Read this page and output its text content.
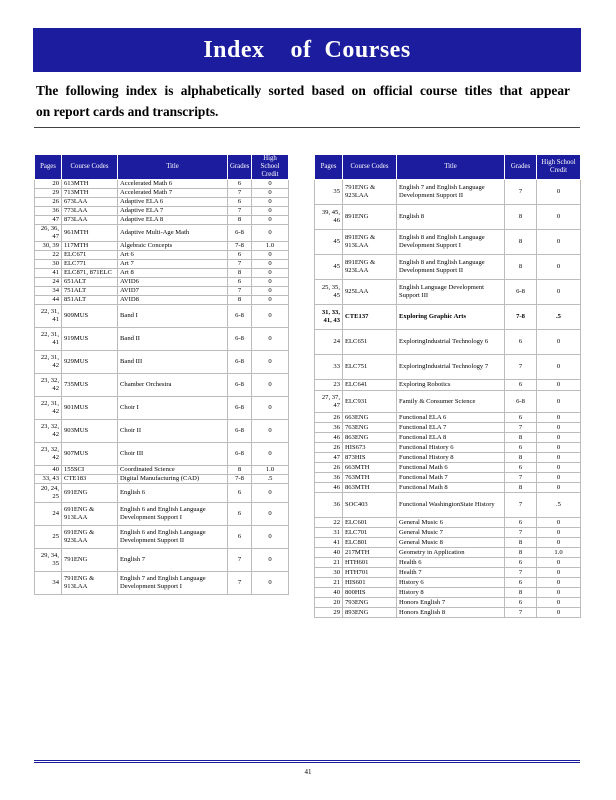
Index    of  Courses
The following index is alphabetically sorted based on official course titles that appear
on report cards and transcripts.
Pages	Course Codes	Title	Grades	High School Credit
20	613MTH	Accelerated Math 6	6	0
29	713MTH	Accelerated Math 7	7	0
26	673LAA	Adaptive ELA 6	6	0
36	773LAA	Adaptive ELA 7	7	0
47	873LAA	Adaptive ELA 8	8	0
26, 36, 47	961MTH	Adaptive Multi-Age Math	6-8	0
30, 39	117MTH	Algebraic Concepts	7-8	1.0
22	ELC671	Art 6	6	0
30	ELC771	Art 7	7	0
41	ELC871, 871ELC	Art 8	8	0
24	651ALT	AVID6	6	0
34	751ALT	AVID7	7	0
44	851ALT	AVID8	8	0
22, 31, 41	909MUS	Band I	6-8	0
22, 31, 41	919MUS	Band II	6-8	0
22, 31, 42	929MUS	Band III	6-8	0
23, 32, 42	735MUS	Chamber Orchestra	6-8	0
22, 31, 42	901MUS	Choir I	6-8	0
23, 32, 42	903MUS	Choir II	6-8	0
23, 32, 42	907MUS	Choir III	6-8	0
40	155SCI	Coordinated Science	8	1.0
33, 43	CTE183	Digital Manufacturing (CAD)	7-8	.5
20, 24, 25	691ENG	English 6	6	0
24	691ENG & 913LAA	English 6 and English Language Development Support I	6	0
25	691ENG & 923LAA	English 6 and English Language Development Support II	6	0
29, 34, 35	791ENG	English 7	7	0
34	791ENG & 913LAA	English 7 and English Language Development Support I	7	0
Pages	Course Codes	Title	Grades	High School Credit
35	791ENG & 923LAA	English 7 and English Language Development Support II	7	0
39, 45, 46	891ENG	English 8	8	0
45	891ENG & 913LAA	English 8 and English Language Development Support I	8	0
45	891ENG & 923LAA	English 8 and English Language Development Support II	8	0
25, 35, 45	925LAA	English Language Development Support III	6-8	0
31, 33, 41, 43	CTE137	Exploring Graphic Arts	7-8	.5
24	ELC651	ExploringIndustrial Technology 6	6	0
33	ELC751	ExploringIndustrial Technology 7	7	0
23	ELC641	Exploring Robotics	6	0
27, 37, 47	ELC931	Family & Consumer Science	6-8	0
26	663ENG	Functional ELA 6	6	0
36	763ENG	Functional ELA 7	7	0
46	863ENG	Functional ELA 8	8	0
26	HIS673	Functional History 6	6	0
47	873HIS	Functional History 8	8	0
26	663MTH	Functional Math 6	6	0
36	763MTH	Functional Math 7	7	0
46	863MTH	Functional Math 8	8	0
36	SOC403	Functional WashingtonState History	7	.5
22	ELC601	General Music 6	6	0
31	ELC701	General Music 7	7	0
41	ELC801	General Music 8	8	0
40	217MTH	Geometry in Application	8	1.0
21	HTH601	Health 6	6	0
30	HTH701	Health 7	7	0
21	HIS601	History 6	6	0
40	800HIS	History 8	8	0
20	793ENG	Honors English 7	6	0
29	893ENG	Honors English 8	7	0
41
